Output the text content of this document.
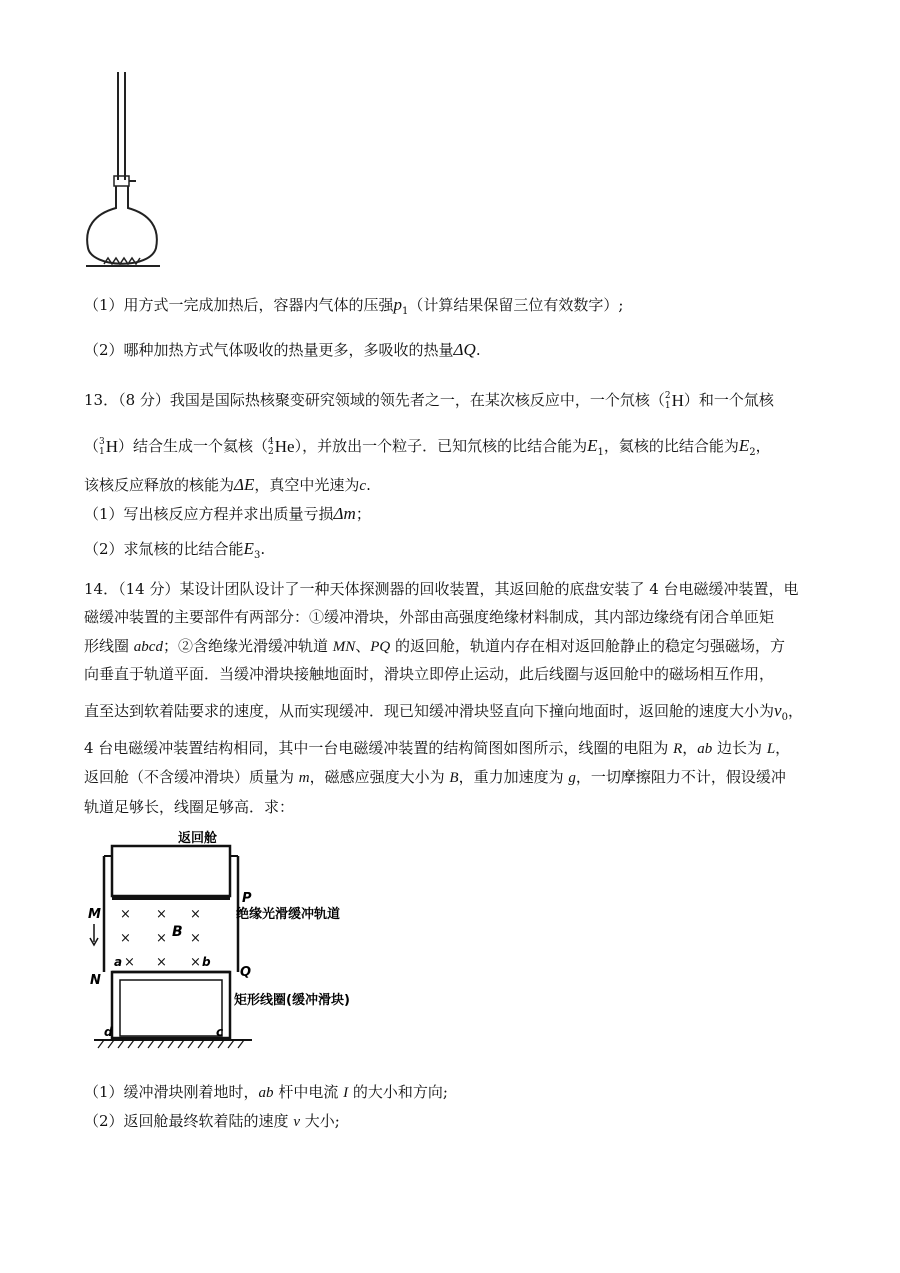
（1）用方式一完成加热后，容器内气体的压强$p_1$（计算结果保留三位有效数字）;
（2）哪种加热方式气体吸收的热量更多，多吸收的热量ΔQ.
13．（8 分）我国是国际热核聚变研究领域的领先者之一，在某次核反应中，一个氘核（ 2
1 H ）和一个氚核
（ 3
1 H ）结合生成一个氦核（ 4
2 He ），并放出一个粒子．已知氘核的比结合能为$E_1$，氦核的比结合能为$E_2$，
该核反应释放的核能为ΔE，真空中光速为c.
（1）写出核反应方程并求出质量亏损Δm；
（2）求氚核的比结合能$E_3$.
14．（14 分）某设计团队设计了一种天体探测器的回收装置，其返回舱的底盘安装了 4 台电磁缓冲装置，电
磁缓冲装置的主要部件有两部分：①缓冲滑块，外部由高强度绝缘材料制成，其内部边缘绕有闭合单匝矩
形线圈 abcd；②含绝缘光滑缓冲轨道 MN、PQ 的返回舱，轨道内存在相对返回舱静止的稳定匀强磁场，方
向垂直于轨道平面．当缓冲滑块接触地面时，滑块立即停止运动，此后线圈与返回舱中的磁场相互作用，
直至达到软着陆要求的速度，从而实现缓冲．现已知缓冲滑块竖直向下撞向地面时，返回舱的速度大小为$v_0$，
4 台电磁缓冲装置结构相同，其中一台电磁缓冲装置的结构简图如图所示，线圈的电阻为 R，ab 边长为 L，
返回舱（不含缓冲滑块）质量为 m，磁感应强度大小为 B，重力加速度为 g，一切摩擦阻力不计，假设缓冲
轨道足够长，线圈足够高．求：
× × ×
× × ×
× × ×
B
a	b
返回舱
M
N
P
Q
绝缘光滑缓冲轨道
矩形线圈(缓冲滑块)
d	c
（1）缓冲滑块刚着地时，ab 杆中电流 I 的大小和方向;
（2）返回舱最终软着陆的速度 v 大小;
